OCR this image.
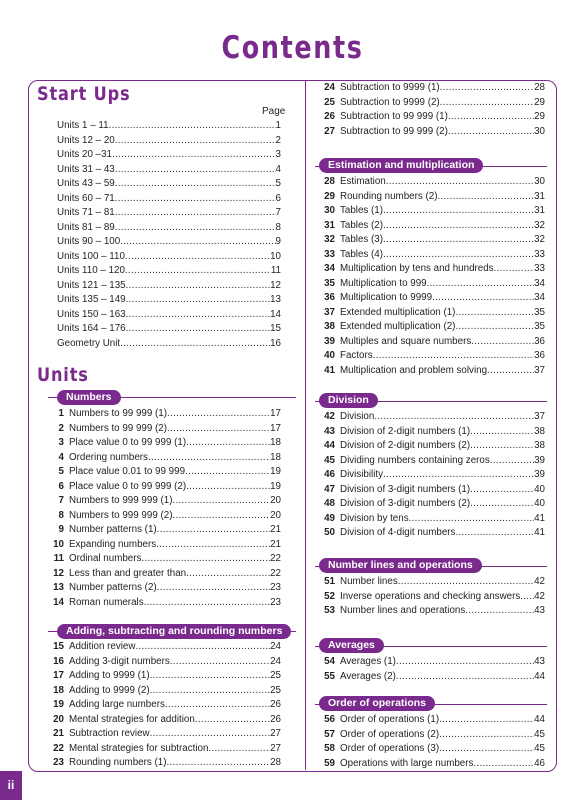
Contents
Start Ups
Page
Units 1 – 11 .....	1
Units 12 – 20 .....	2
Units 20 –31 .....	3
Units 31 – 43 .....	4
Units 43 – 59 .....	5
Units 60 – 71 .....	6
Units 71 – 81 .....	7
Units 81 – 89 .....	8
Units 90 – 100 .....	9
Units 100 – 110 .....	10
Units 110 – 120 .....	11
Units 121 – 135 .....	12
Units 135 – 149 .....	13
Units 150 – 163 .....	14
Units 164 – 176 .....	15
Geometry Unit .....	16
Units
Numbers
1 Numbers to 99 999 (1) .....	17
2 Numbers to 99 999 (2) .....	17
3 Place value 0 to 99 999 (1) .....	18
4 Ordering numbers .....	18
5 Place value 0.01 to 99 999 .....	19
6 Place value 0 to 99 999 (2) .....	19
7 Numbers to 999 999 (1) .....	20
8 Numbers to 999 999 (2) .....	20
9 Number patterns (1) .....	21
10 Expanding numbers .....	21
11 Ordinal numbers .....	22
12 Less than and greater than .....	22
13 Number patterns (2) .....	23
14 Roman numerals .....	23
Adding, subtracting and rounding numbers
15 Addition review .....	24
16 Adding 3-digit numbers .....	24
17 Adding to 9999 (1) .....	25
18 Adding to 9999 (2) .....	25
19 Adding large numbers .....	26
20 Mental strategies for addition .....	26
21 Subtraction review .....	27
22 Mental strategies for subtraction .....	27
23 Rounding numbers (1) .....	28
24 Subtraction to 9999 (1) .....	28
25 Subtraction to 9999 (2) .....	29
26 Subtraction to 99 999 (1) .....	29
27 Subtraction to 99 999 (2) .....	30
Estimation and multiplication
28 Estimation .....	30
29 Rounding numbers (2) .....	31
30 Tables (1) .....	31
31 Tables (2) .....	32
32 Tables (3) .....	32
33 Tables (4) .....	33
34 Multiplication by tens and hundreds .....	33
35 Multiplication to 999 .....	34
36 Multiplication to 9999 .....	34
37 Extended multiplication (1) .....	35
38 Extended multiplication (2) .....	35
39 Multiples and square numbers .....	36
40 Factors .....	36
41 Multiplication and problem solving .....	37
Division
42 Division .....	37
43 Division of 2-digit numbers (1) .....	38
44 Division of 2-digit numbers (2) .....	38
45 Dividing numbers containing zeros .....	39
46 Divisibility .....	39
47 Division of 3-digit numbers (1) .....	40
48 Division of 3-digit numbers (2) .....	40
49 Division by tens .....	41
50 Division of 4-digit numbers .....	41
Number lines and operations
51 Number lines .....	42
52 Inverse operations and checking answers ..... 42
53 Number lines and operations .....	43
Averages
54 Averages (1) .....	43
55 Averages (2) .....	44
Order of operations
56 Order of operations (1) .....	44
57 Order of operations (2) .....	45
58 Order of operations (3) .....	45
59 Operations with large numbers .....	46
ii
